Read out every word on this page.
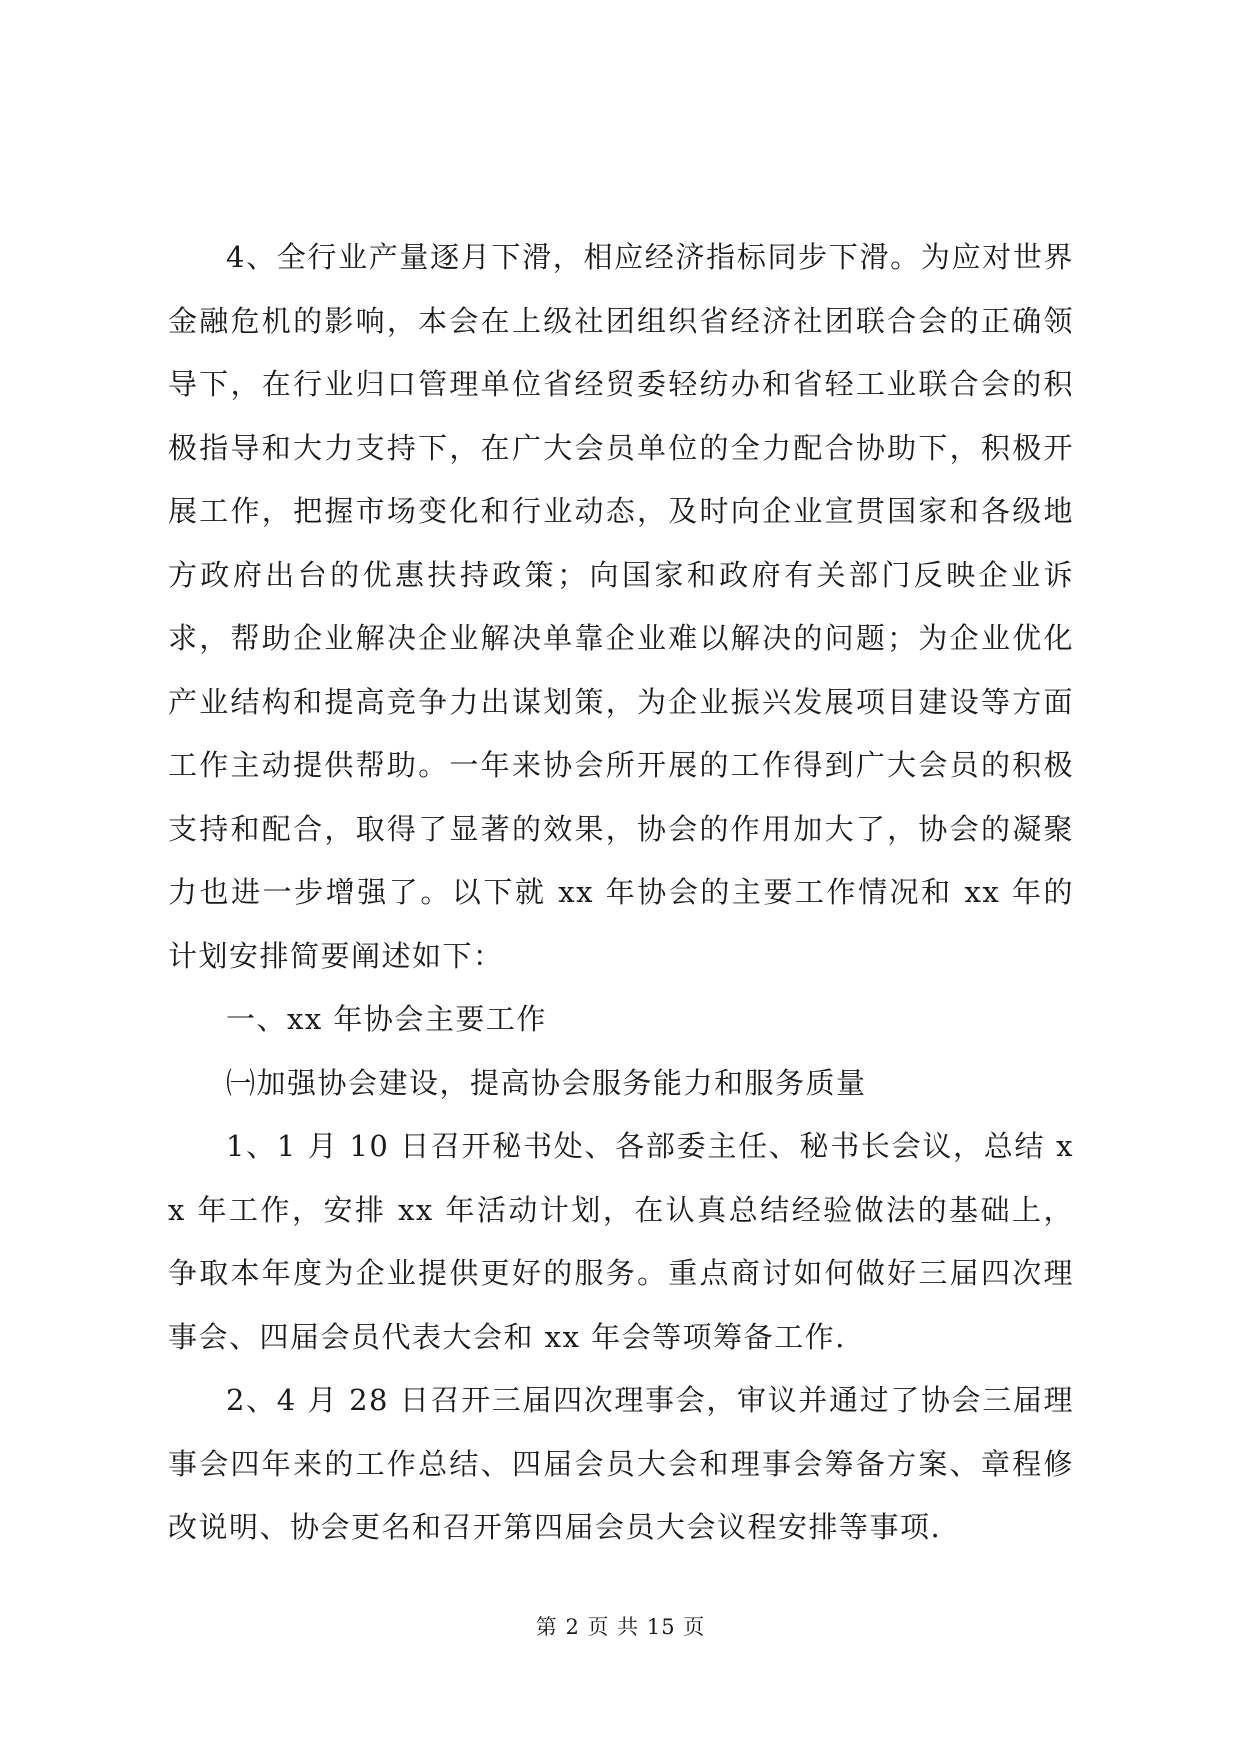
4、全行业产量逐月下滑，相应经济指标同步下滑。为应对世界金融危机的影响，本会在上级社团组织省经济社团联合会的正确领导下，在行业归口管理单位省经贸委轻纺办和省轻工业联合会的积极指导和大力支持下，在广大会员单位的全力配合协助下，积极开展工作，把握市场变化和行业动态，及时向企业宣贯国家和各级地方政府出台的优惠扶持政策；向国家和政府有关部门反映企业诉求，帮助企业解决企业解决单靠企业难以解决的问题；为企业优化产业结构和提高竞争力出谋划策，为企业振兴发展项目建设等方面工作主动提供帮助。一年来协会所开展的工作得到广大会员的积极支持和配合，取得了显著的效果，协会的作用加大了，协会的凝聚力也进一步增强了。以下就 xx 年协会的主要工作情况和 xx 年的计划安排简要阐述如下：

一、xx 年协会主要工作

㈠加强协会建设，提高协会服务能力和服务质量

1、1 月 10 日召开秘书处、各部委主任、秘书长会议，总结 xx 年工作，安排 xx 年活动计划，在认真总结经验做法的基础上，争取本年度为企业提供更好的服务。重点商讨如何做好三届四次理事会、四届会员代表大会和 xx 年会等项筹备工作.

2、4 月 28 日召开三届四次理事会，审议并通过了协会三届理事会四年来的工作总结、四届会员大会和理事会筹备方案、章程修改说明、协会更名和召开第四届会员大会议程安排等事项.

第 2 页 共 15 页
